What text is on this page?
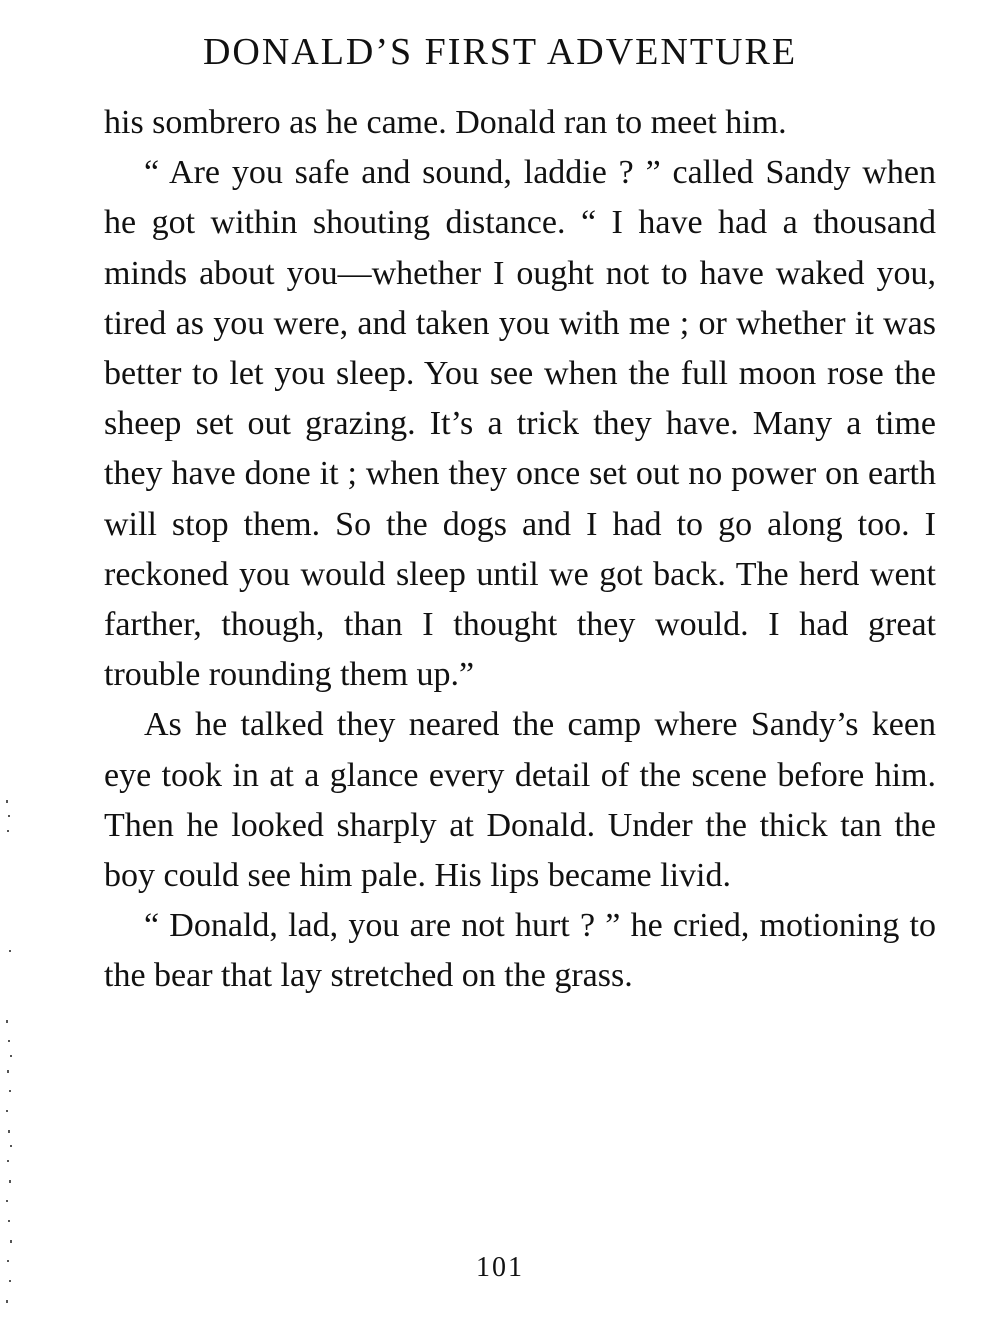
DONALD’S FIRST ADVENTURE

his sombrero as he came. Donald ran to meet him.

“ Are you safe and sound, laddie ? ” called Sandy when he got within shouting distance. “ I have had a thousand minds about you—whether I ought not to have waked you, tired as you were, and taken you with me ; or whether it was better to let you sleep. You see when the full moon rose the sheep set out grazing. It’s a trick they have. Many a time they have done it ; when they once set out no power on earth will stop them. So the dogs and I had to go along too. I reckoned you would sleep until we got back. The herd went farther, though, than I thought they would. I had great trouble rounding them up.”

As he talked they neared the camp where Sandy’s keen eye took in at a glance every detail of the scene before him. Then he looked sharply at Donald. Under the thick tan the boy could see him pale. His lips became livid.

“ Donald, lad, you are not hurt ? ” he cried, motioning to the bear that lay stretched on the grass.

101
